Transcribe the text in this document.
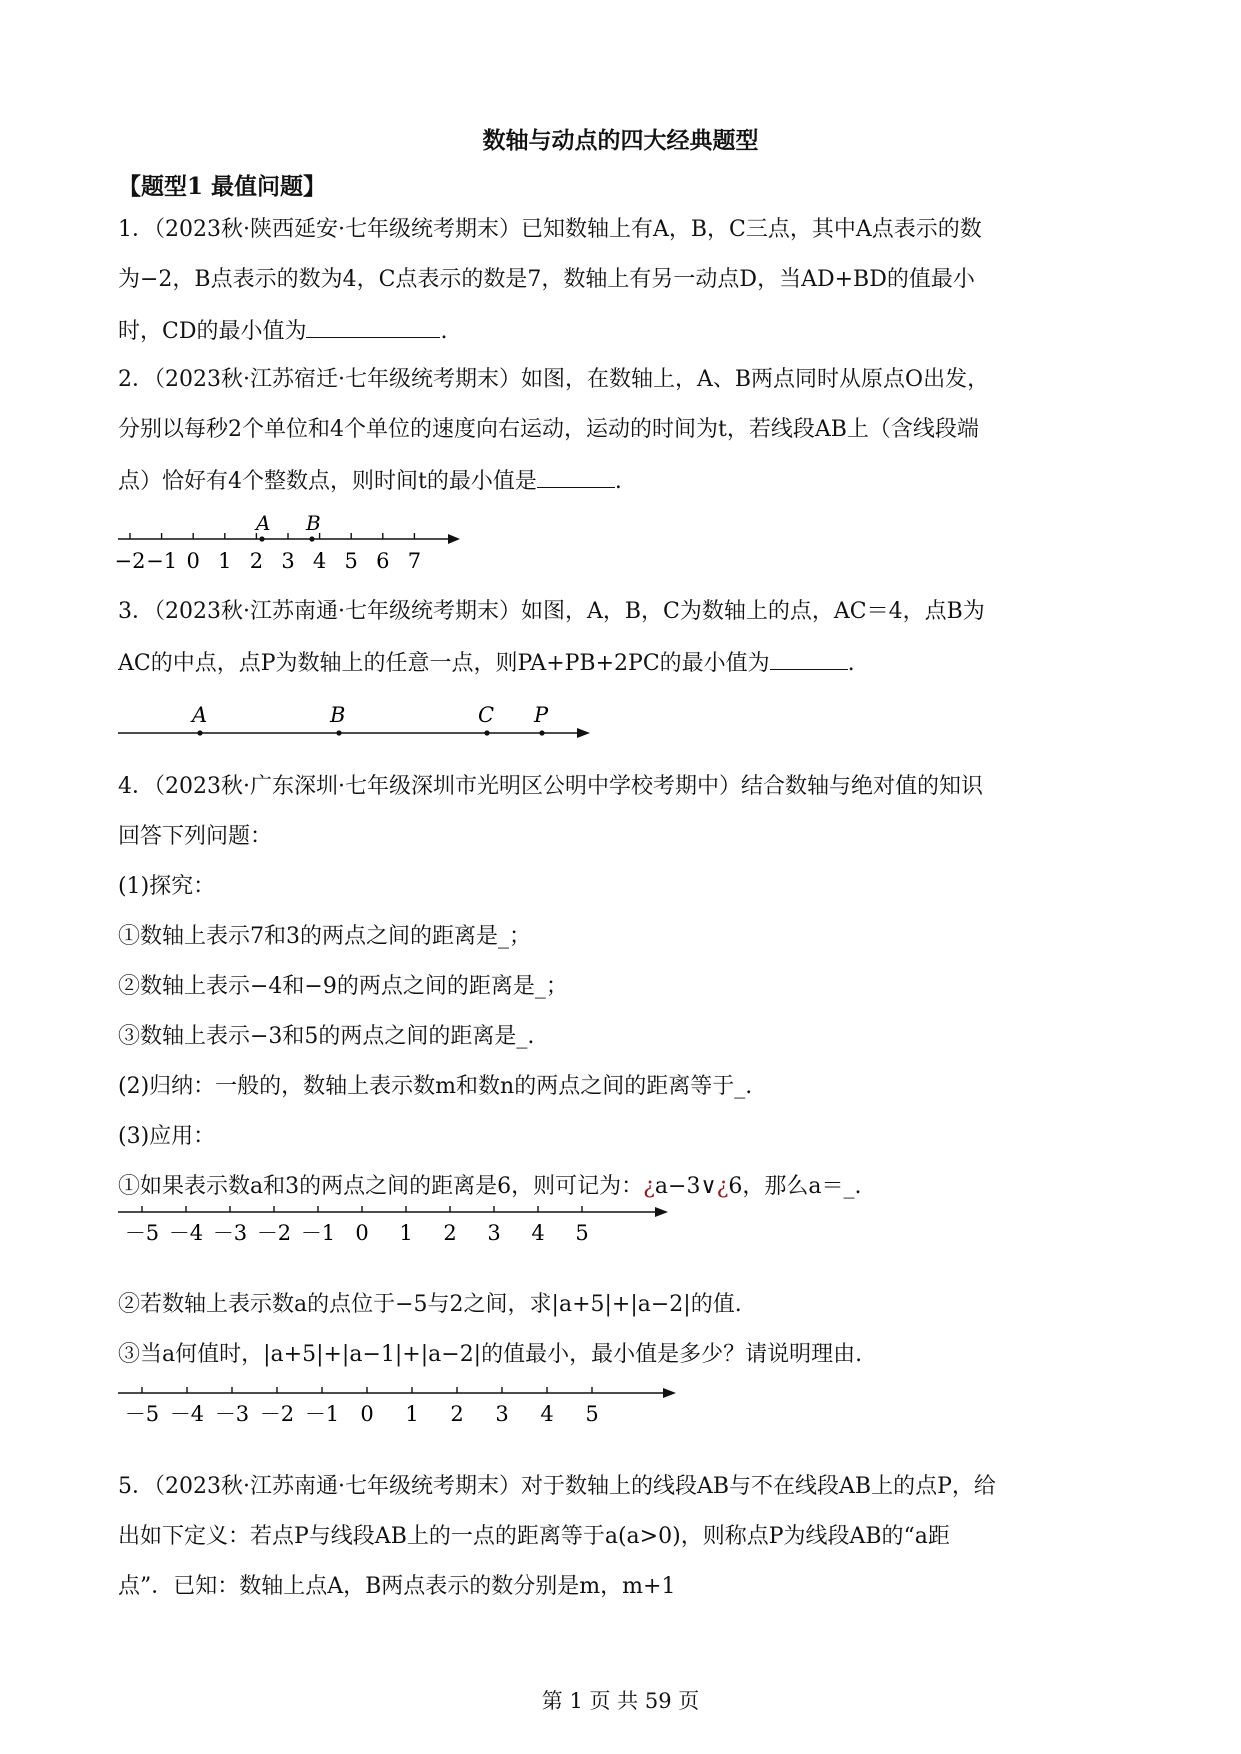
数轴与动点的四大经典题型
【题型1 最值问题】
1．（2023秋·陕西延安·七年级统考期末）已知数轴上有A，B，C三点，其中A点表示的数
为−2，B点表示的数为4，C点表示的数是7，数轴上有另一动点D，当AD+BD的值最小
时，CD的最小值为	.
2．（2023秋·江苏宿迁·七年级统考期末）如图，在数轴上，A、B两点同时从原点O出发，
分别以每秒2个单位和4个单位的速度向右运动，运动的时间为t，若线段AB上（含线段端
点）恰好有4个整数点，则时间t的最小值是	.
−2 −1 0 1 2 3 4 5 6 7
A B
3．（2023秋·江苏南通·七年级统考期末）如图，A，B，C为数轴上的点，AC＝4，点B为
AC的中点，点P为数轴上的任意一点，则PA+PB+2PC的最小值为	.
A	B	C P
4．（2023秋·广东深圳·七年级深圳市光明区公明中学校考期中）结合数轴与绝对值的知识
回答下列问题：
(1)探究：
①数轴上表示7和3的两点之间的距离是_；
②数轴上表示−4和−9的两点之间的距离是_；
③数轴上表示−3和5的两点之间的距离是_.
(2)归纳：一般的，数轴上表示数m和数n的两点之间的距离等于_.
(3)应用：
①如果表示数a和3的两点之间的距离是6，则可记为：¿a−3∨¿6，那么a＝_.
－5 －4 －3 －2 －1 0 1 2 3 4 5
②若数轴上表示数a的点位于−5与2之间，求|a+5|+|a−2|的值.
③当a何值时，|a+5|+|a−1|+|a−2|的值最小，最小值是多少？请说明理由.
－5 －4 －3 －2 －1 0 1 2 3 4 5
5．（2023秋·江苏南通·七年级统考期末）对于数轴上的线段AB与不在线段AB上的点P，给
出如下定义：若点P与线段AB上的一点的距离等于a(a>0)，则称点P为线段AB的“a距
点”．已知：数轴上点A，B两点表示的数分别是m，m+1
第 1 页 共 59 页
